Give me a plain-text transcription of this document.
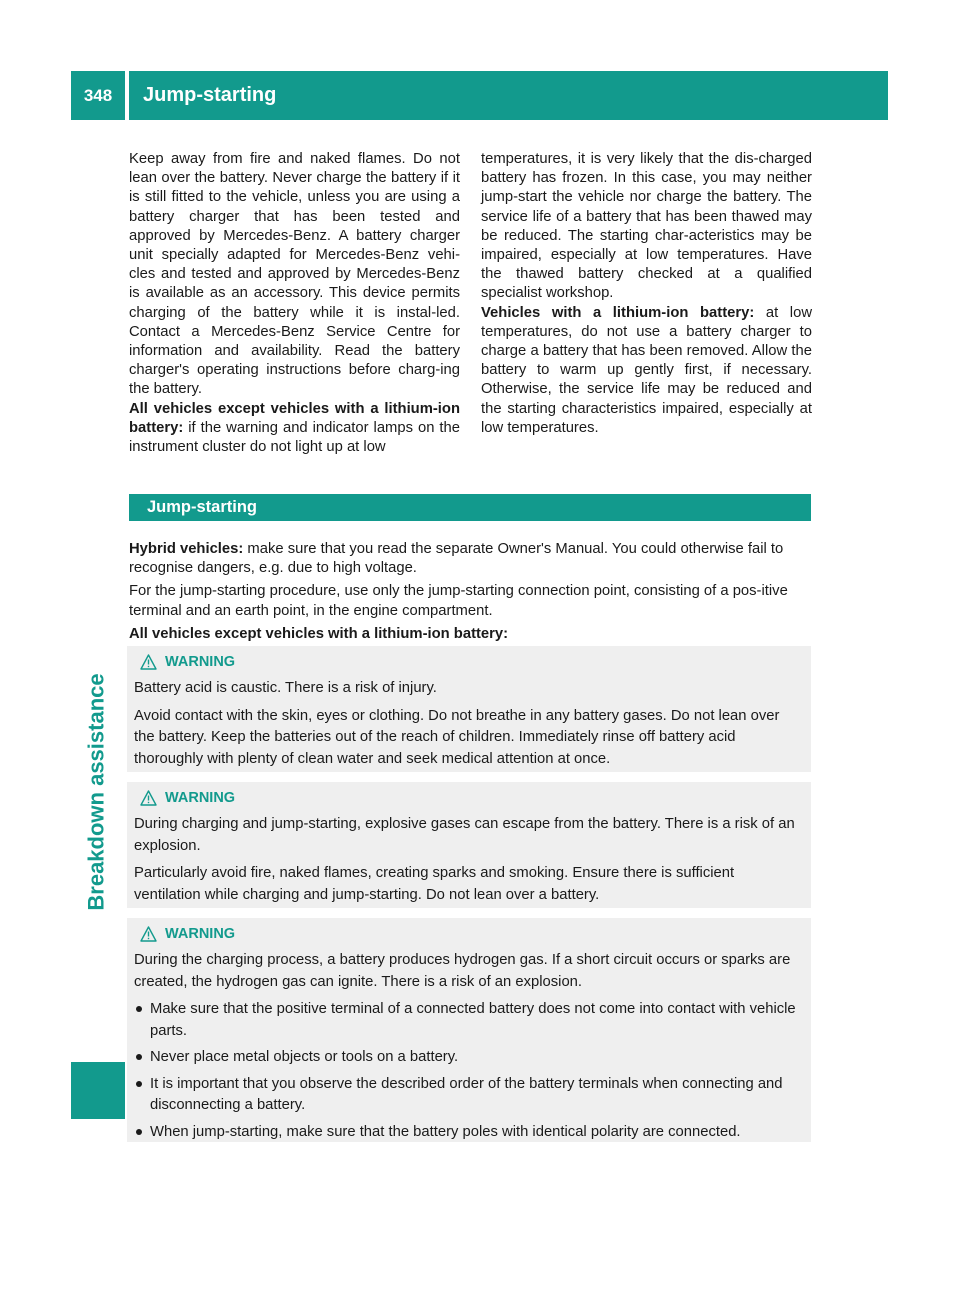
348	Jump-starting
Breakdown assistance

Keep away from fire and naked flames. Do not lean over the battery. Never charge the battery if it is still fitted to the vehicle, unless you are using a battery charger that has been tested and approved by Mercedes-Benz. A battery charger unit specially adapted for Mercedes-Benz vehi-cles and tested and approved by Mercedes-Benz is available as an accessory. This device permits charging of the battery while it is instal-led. Contact a Mercedes-Benz Service Centre for information and availability. Read the battery charger's operating instructions before charg-ing the battery.

All vehicles except vehicles with a lithium-ion battery: if the warning and indicator lamps on the instrument cluster do not light up at low

temperatures, it is very likely that the dis-charged battery has frozen. In this case, you may neither jump-start the vehicle nor charge the battery. The service life of a battery that has been thawed may be reduced. The starting char-acteristics may be impaired, especially at low temperatures. Have the thawed battery checked at a qualified specialist workshop.

Vehicles with a lithium-ion battery: at low temperatures, do not use a battery charger to charge a battery that has been removed. Allow the battery to warm up gently first, if necessary. Otherwise, the service life may be reduced and the starting characteristics impaired, especially at low temperatures.

Jump-starting

Hybrid vehicles: make sure that you read the separate Owner's Manual. You could otherwise fail to recognise dangers, e.g. due to high voltage.

For the jump-starting procedure, use only the jump-starting connection point, consisting of a pos-itive terminal and an earth point, in the engine compartment.

All vehicles except vehicles with a lithium-ion battery:

WARNING

Battery acid is caustic. There is a risk of injury.

Avoid contact with the skin, eyes or clothing. Do not breathe in any battery gases. Do not lean over the battery. Keep the batteries out of the reach of children. Immediately rinse off battery acid thoroughly with plenty of clean water and seek medical attention at once.

WARNING

During charging and jump-starting, explosive gases can escape from the battery. There is a risk of an explosion.

Particularly avoid fire, naked flames, creating sparks and smoking. Ensure there is sufficient ventilation while charging and jump-starting. Do not lean over a battery.

WARNING

During the charging process, a battery produces hydrogen gas. If a short circuit occurs or sparks are created, the hydrogen gas can ignite. There is a risk of an explosion.

Make sure that the positive terminal of a connected battery does not come into contact with vehicle parts.
Never place metal objects or tools on a battery.
It is important that you observe the described order of the battery terminals when connecting and disconnecting a battery.
When jump-starting, make sure that the battery poles with identical polarity are connected.
